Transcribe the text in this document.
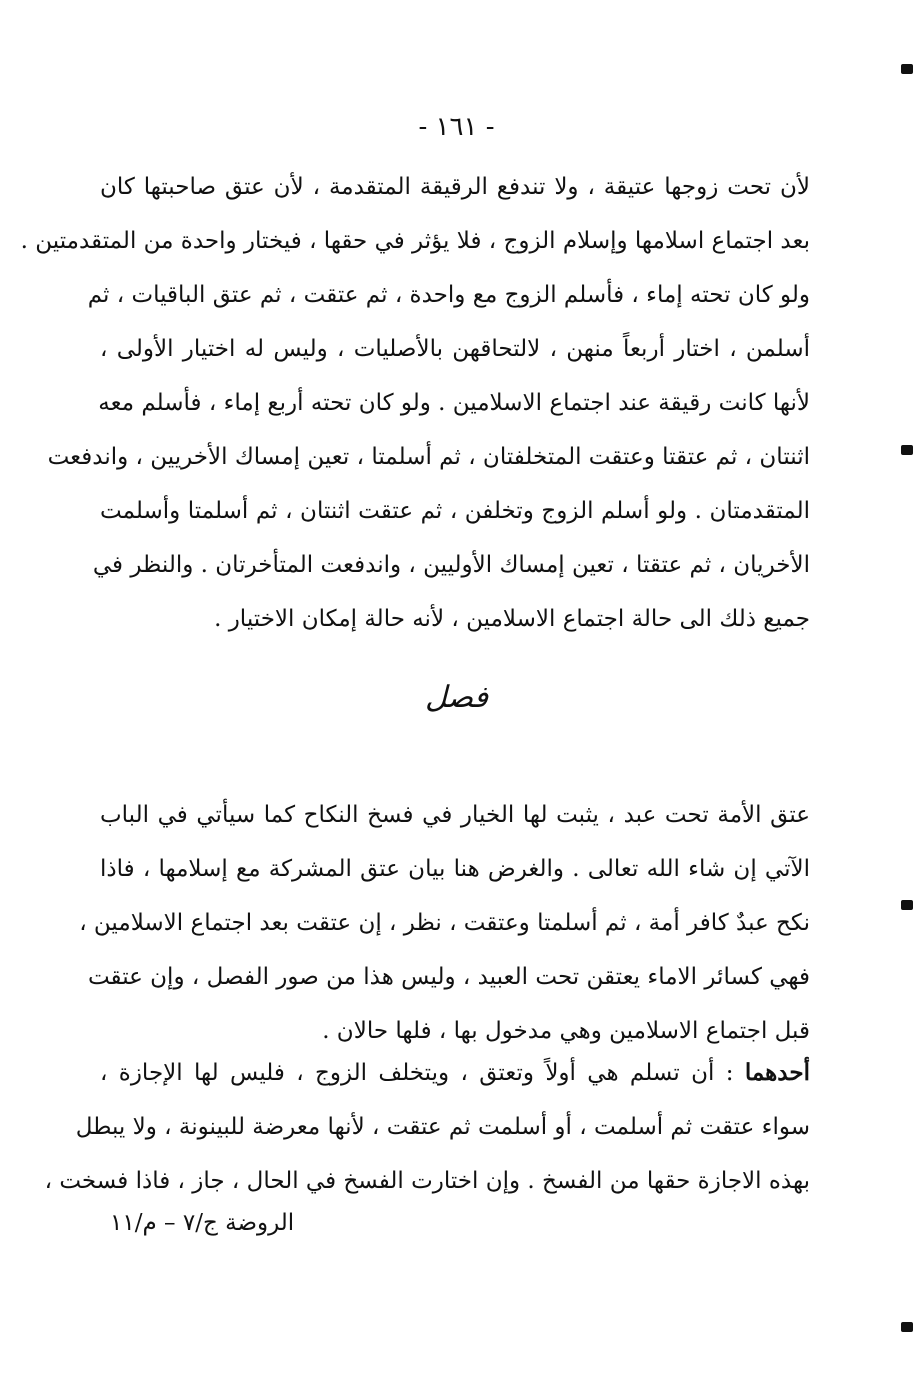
- ١٦١ -
لأن تحت زوجها عتيقة ، ولا تندفع الرقيقة المتقدمة ، لأن عتق صاحبتها كان
بعد اجتماع اسلامها وإسلام الزوج ، فلا يؤثر في حقها ، فيختار واحدة من المتقدمتين .
ولو كان تحته إماء ، فأسلم الزوج مع واحدة ، ثم عتقت ، ثم عتق الباقيات ، ثم
أسلمن ، اختار أربعاً منهن ، لالتحاقهن بالأصليات ، وليس له اختيار الأولى ،
لأنها كانت رقيقة عند اجتماع الاسلامين . ولو كان تحته أربع إماء ، فأسلم معه
اثنتان ، ثم عتقتا وعتقت المتخلفتان ، ثم أسلمتا ، تعين إمساك الأخريين ، واندفعت
المتقدمتان . ولو أسلم الزوج وتخلفن ، ثم عتقت اثنتان ، ثم أسلمتا وأسلمت
الأخريان ، ثم عتقتا ، تعين إمساك الأوليين ، واندفعت المتأخرتان . والنظر في
جميع ذلك الى حالة اجتماع الاسلامين ، لأنه حالة إمكان الاختيار .
فصل
عتق الأمة تحت عبد ، يثبت لها الخيار في فسخ النكاح كما سيأتي في الباب
الآتي إن شاء الله تعالى . والغرض هنا بيان عتق المشركة مع إسلامها ، فاذا
نكح عبدٌ كافر أمة ، ثم أسلمتا وعتقت ، نظر ، إن عتقت بعد اجتماع الاسلامين ،
فهي كسائر الاماء يعتقن تحت العبيد ، وليس هذا من صور الفصل ، وإن عتقت
قبل اجتماع الاسلامين وهي مدخول بها ، فلها حالان .
أحدهما : أن تسلم هي أولاً وتعتق ، ويتخلف الزوج ، فليس لها الإجازة ،
سواء عتقت ثم أسلمت ، أو أسلمت ثم عتقت ، لأنها معرضة للبينونة ، ولا يبطل
بهذه الاجازة حقها من الفسخ . وإن اختارت الفسخ في الحال ، جاز ، فاذا فسخت ،
الروضة ج/٧ – م/١١
